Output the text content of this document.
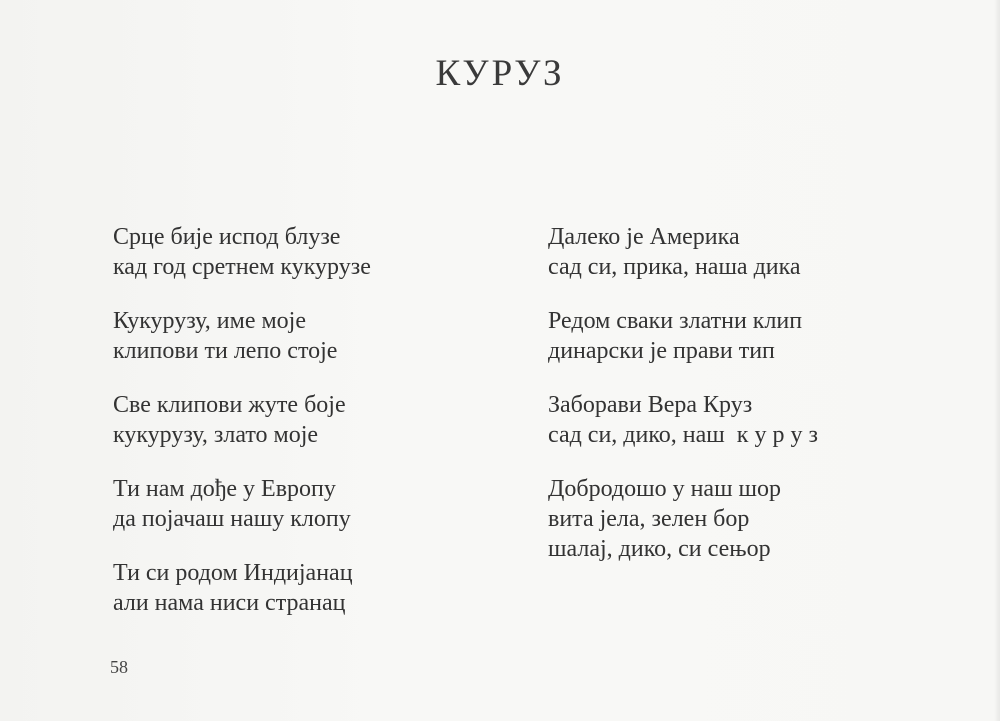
КУРУЗ
Срце бије испод блузе
кад год сретнем кукурузе
Кукурузу, име моје
клипови ти лепо стоје
Све клипови жуте боје
кукурузу, злато моје
Ти нам дође у Европу
да појачаш нашу клопу
Ти си родом Индијанац
али нама ниси странац
Далеко је Америка
сад си, прика, наша дика
Редом сваки златни клип
динарски је прави тип
Заборави Вера Круз
сад си, дико, наш  к у р у з
Добродошо у наш шор
вита јела, зелен бор
шалај, дико, си сењор
58
